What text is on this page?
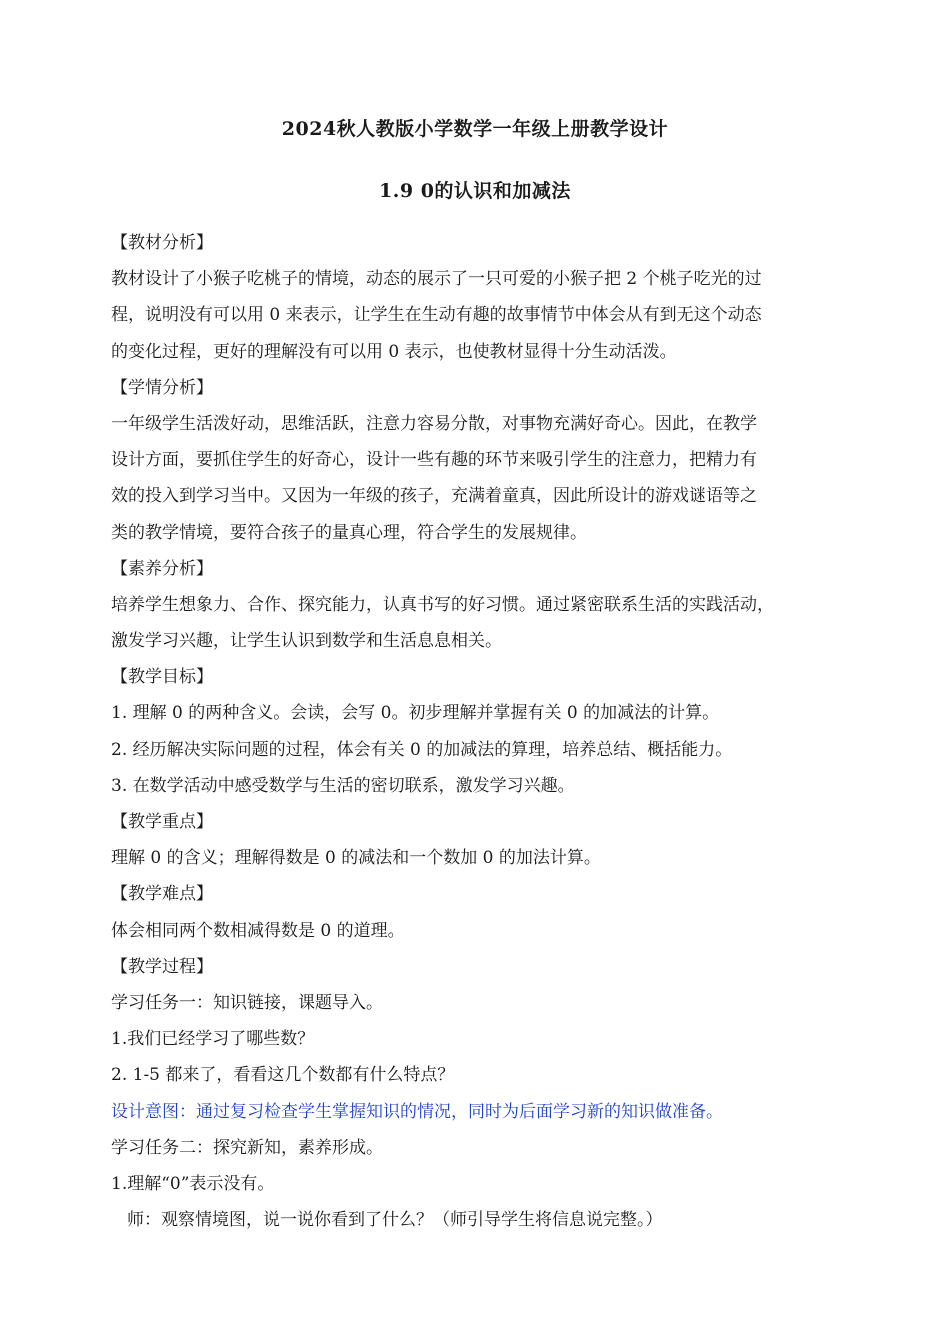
2024秋人教版小学数学一年级上册教学设计
1.9 0的认识和加减法
【教材分析】
教材设计了小猴子吃桃子的情境，动态的展示了一只可爱的小猴子把 2 个桃子吃光的过
程，说明没有可以用 0 来表示，让学生在生动有趣的故事情节中体会从有到无这个动态
的变化过程，更好的理解没有可以用 0 表示，也使教材显得十分生动活泼。
【学情分析】
一年级学生活泼好动，思维活跃，注意力容易分散，对事物充满好奇心。因此，在教学
设计方面，要抓住学生的好奇心，设计一些有趣的环节来吸引学生的注意力，把精力有
效的投入到学习当中。又因为一年级的孩子，充满着童真，因此所设计的游戏谜语等之
类的教学情境，要符合孩子的量真心理，符合学生的发展规律。
【素养分析】
培养学生想象力、合作、探究能力，认真书写的好习惯。通过紧密联系生活的实践活动，
激发学习兴趣，让学生认识到数学和生活息息相关。
【教学目标】
1. 理解 0 的两种含义。会读，会写 0。初步理解并掌握有关 0 的加减法的计算。
2. 经历解决实际问题的过程，体会有关 0 的加减法的算理，培养总结、概括能力。
3. 在数学活动中感受数学与生活的密切联系，激发学习兴趣。
【教学重点】
理解 0 的含义；理解得数是 0 的减法和一个数加 0 的加法计算。
【教学难点】
体会相同两个数相减得数是 0 的道理。
【教学过程】
学习任务一：知识链接，课题导入。
1.我们已经学习了哪些数？
2. 1-5 都来了，看看这几个数都有什么特点？
设计意图：通过复习检查学生掌握知识的情况，同时为后面学习新的知识做准备。
学习任务二：探究新知，素养形成。
1.理解“0”表示没有。
师：观察情境图，说一说你看到了什么？（师引导学生将信息说完整。）
